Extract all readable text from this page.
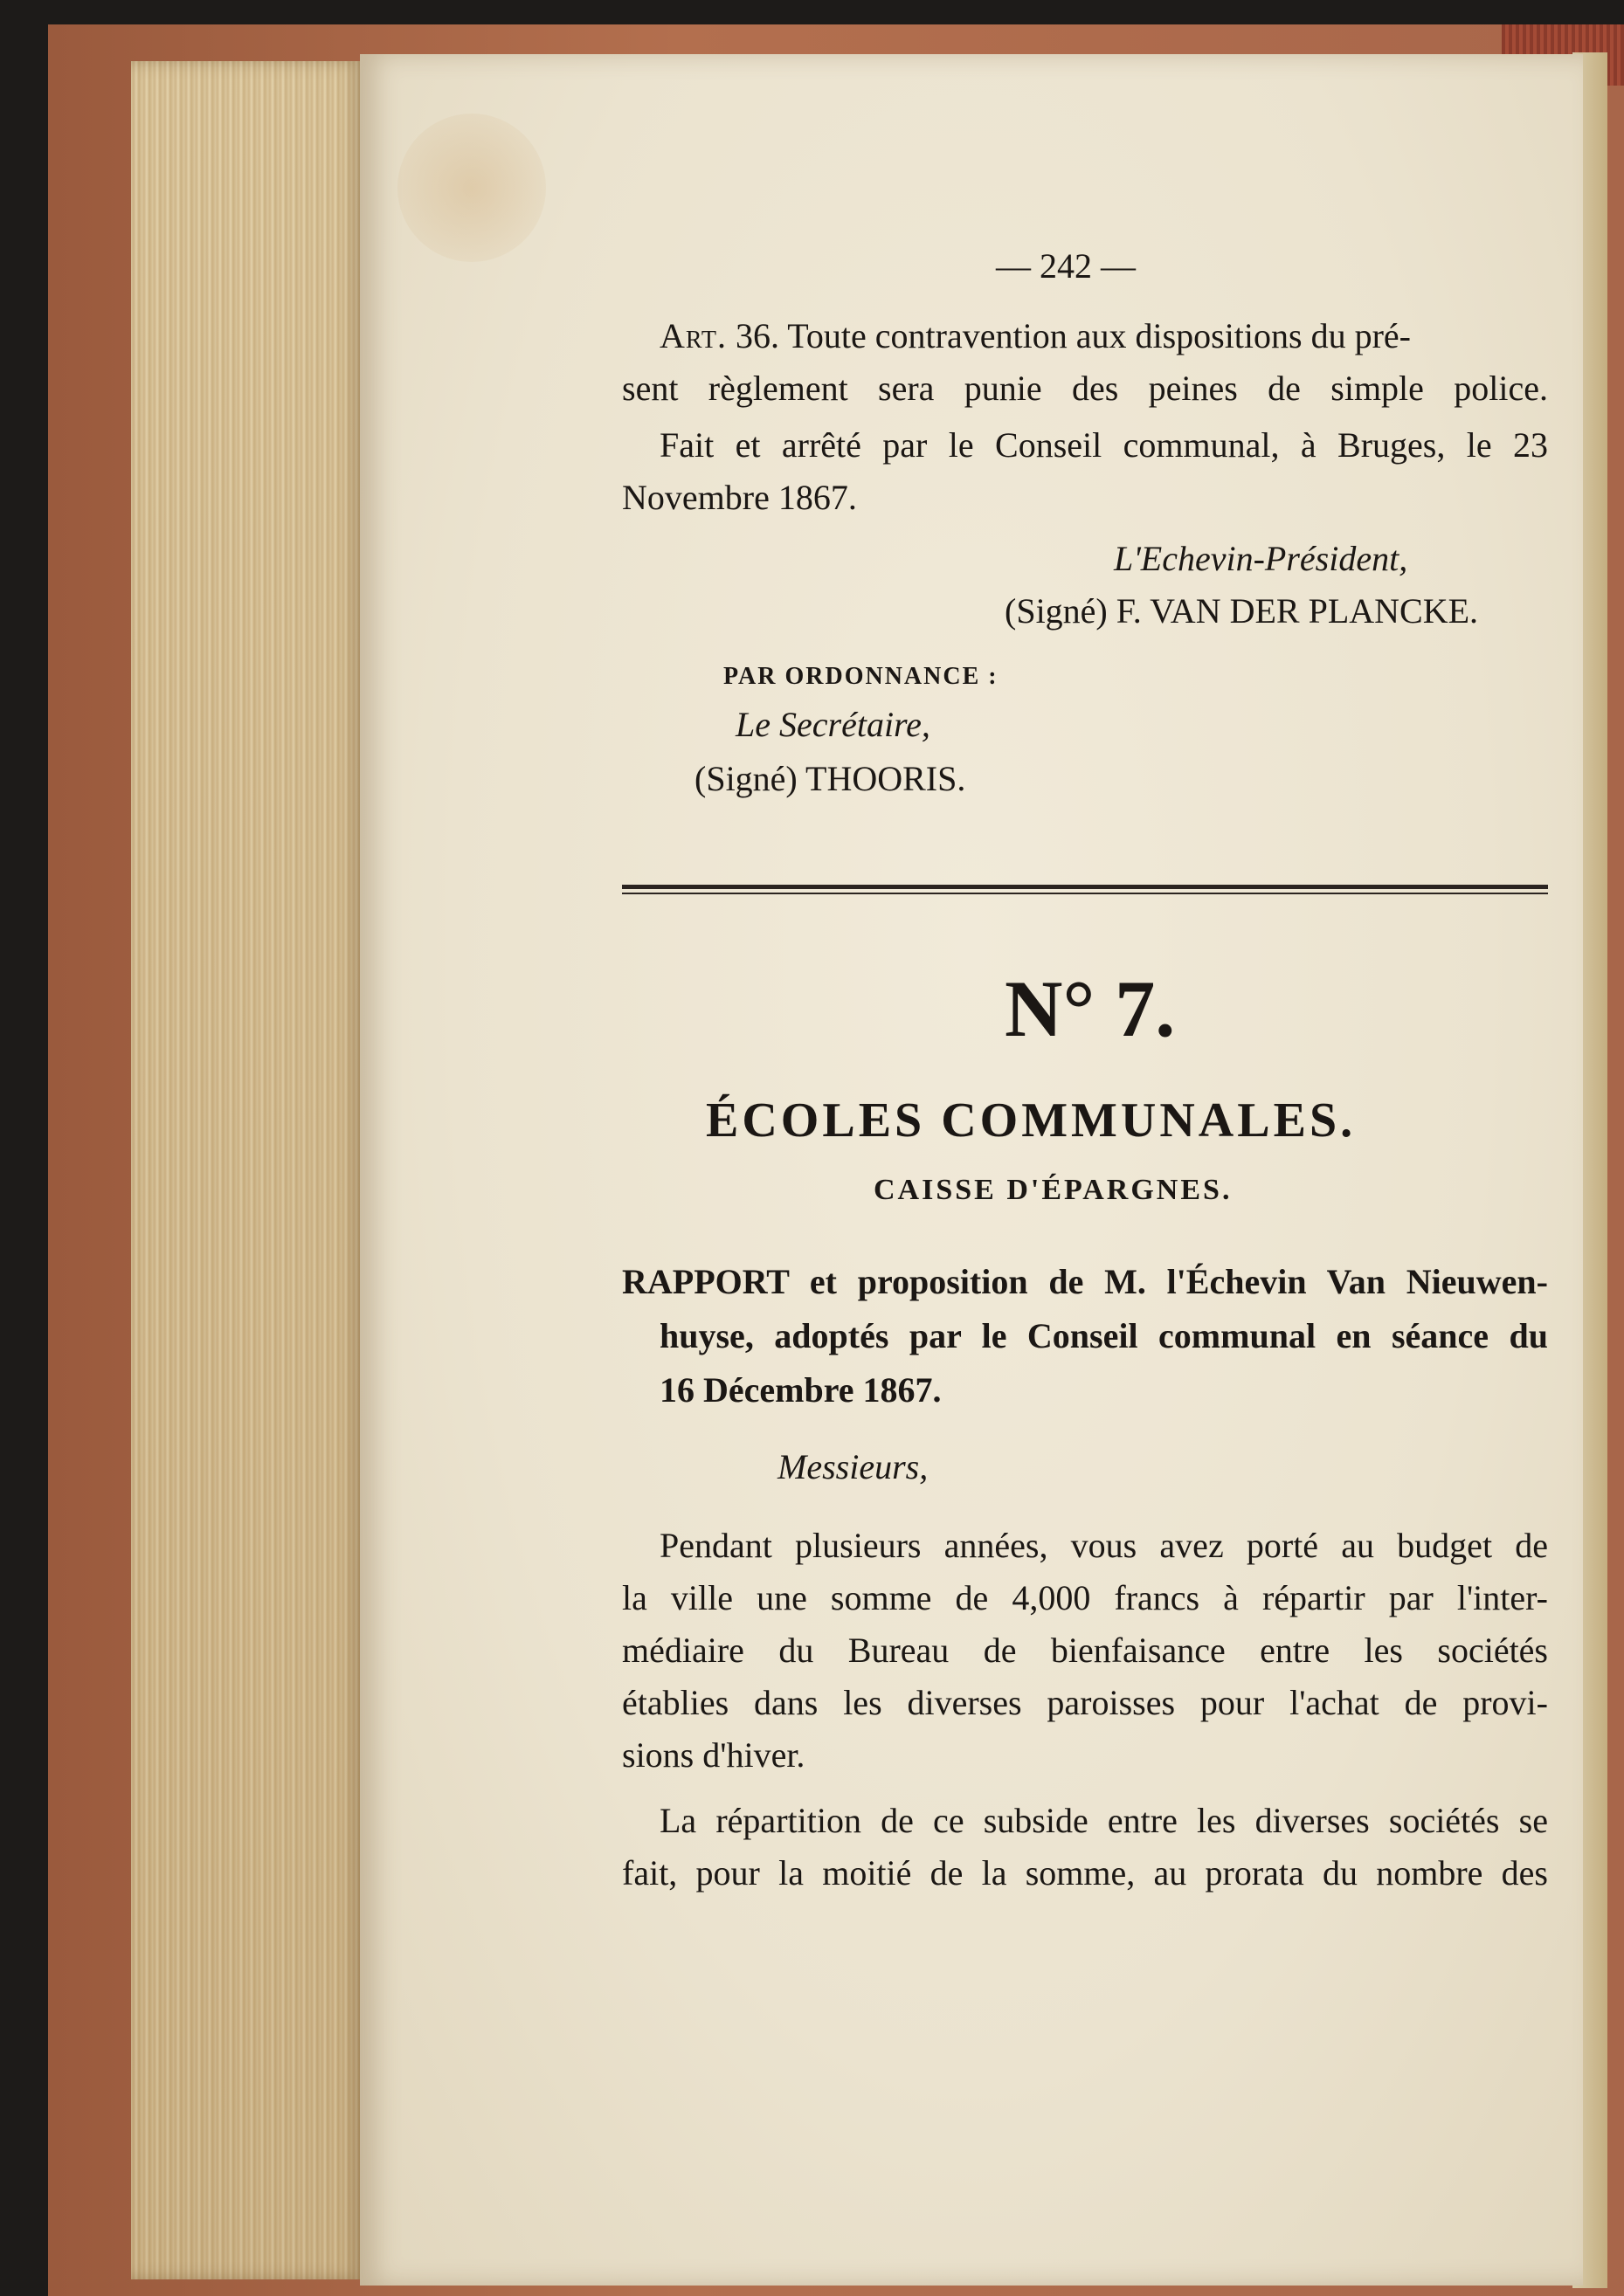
— 242 —
Art. 36. Toute contravention aux dispositions du pré-
sent règlement sera punie des peines de simple police.
Fait et arrêté par le Conseil communal, à Bruges, le 23
Novembre 1867.
L'Echevin-Président,
(Signé) F. VAN DER PLANCKE.
PAR ORDONNANCE :
Le Secrétaire,
(Signé) THOORIS.
N° 7.
ÉCOLES COMMUNALES.
CAISSE D'ÉPARGNES.
RAPPORT et proposition de M. l'Échevin Van Nieuwen-
huyse, adoptés par le Conseil communal en séance du
16 Décembre 1867.
Messieurs,
Pendant plusieurs années, vous avez porté au budget de
la ville une somme de 4,000 francs à répartir par l'inter-
médiaire du Bureau de bienfaisance entre les sociétés
établies dans les diverses paroisses pour l'achat de provi-
sions d'hiver.
La répartition de ce subside entre les diverses sociétés se
fait, pour la moitié de la somme, au prorata du nombre des
